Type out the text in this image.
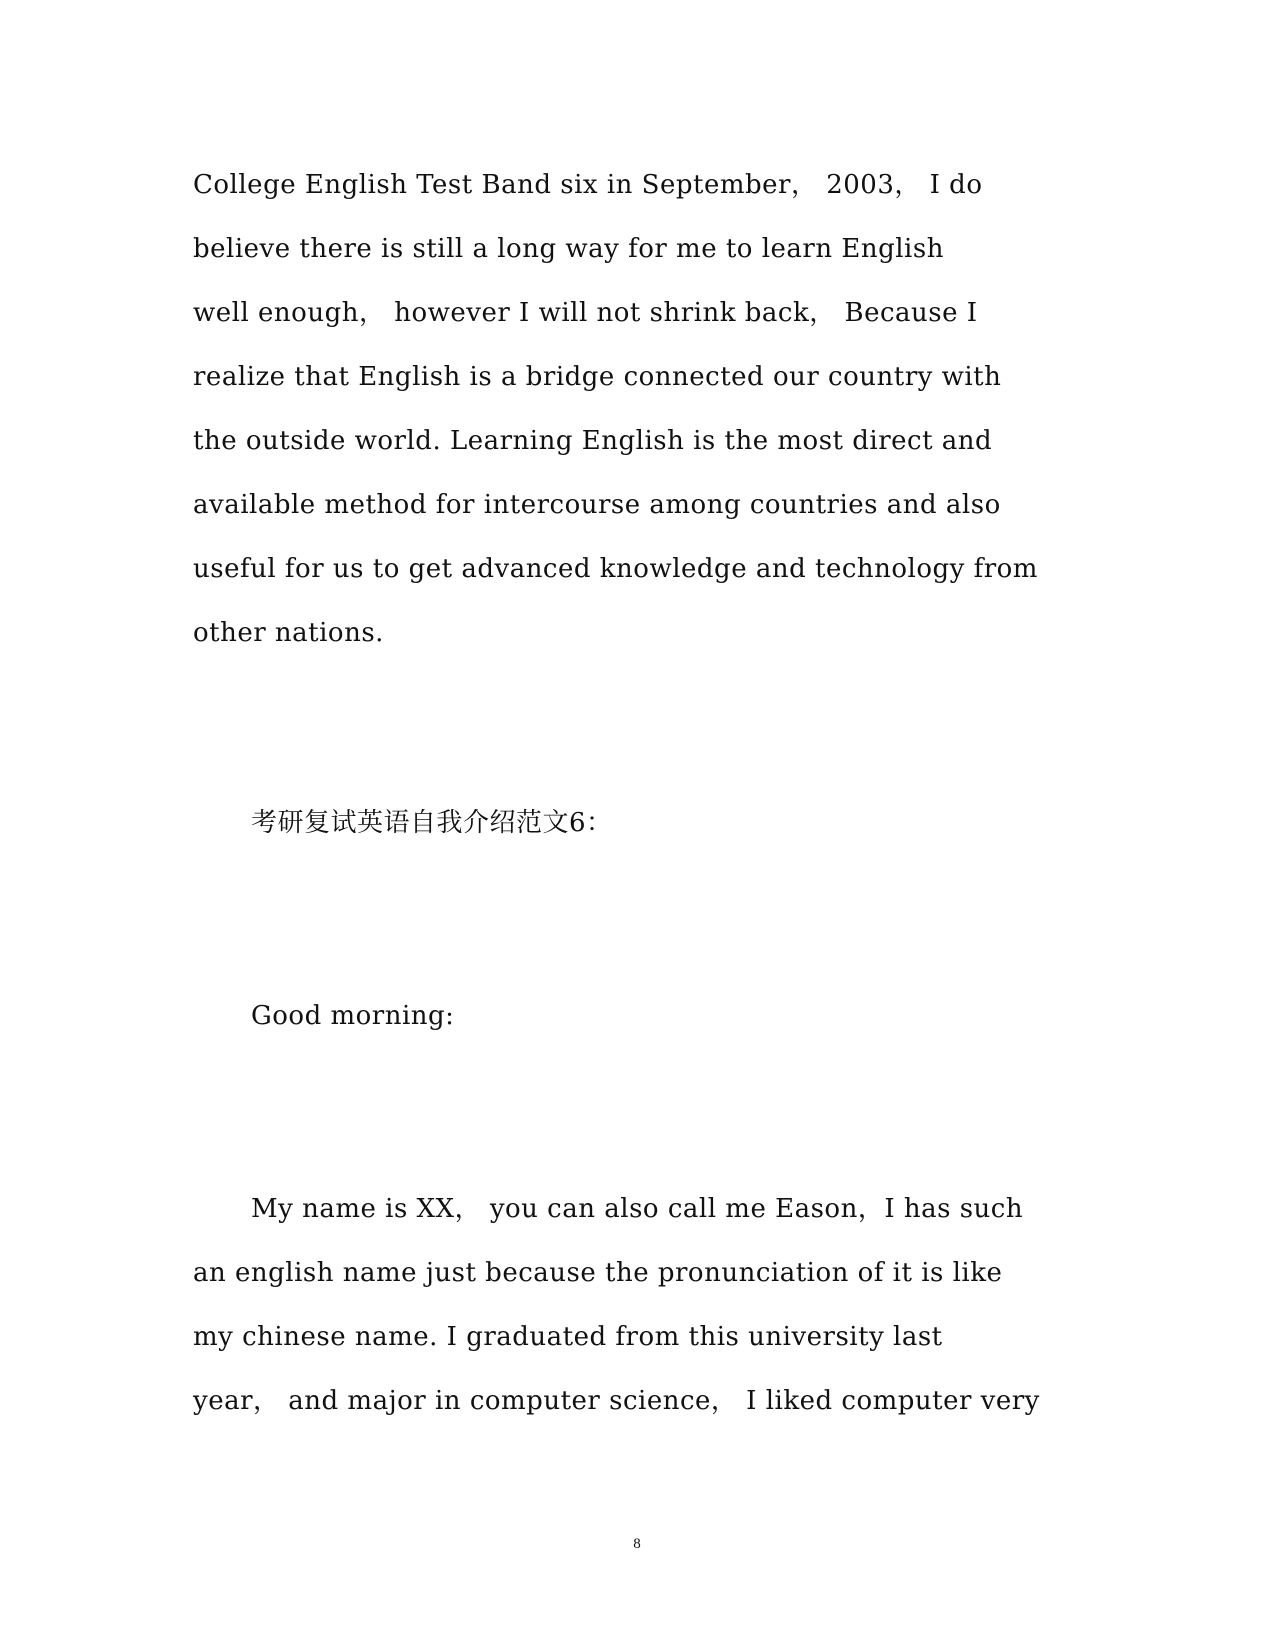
College English Test Band six in September， 2003， I do
believe there is still a long way for me to learn English
well enough， however I will not shrink back， Because I
realize that English is a bridge connected our country with
the outside world. Learning English is the most direct and
available method for intercourse among countries and also
useful for us to get advanced knowledge and technology from
other nations.
考研复试英语自我介绍范文6：
Good morning:
My name is XX， you can also call me Eason，I has such
an english name just because the pronunciation of it is like
my chinese name. I graduated from this university last
year， and major in computer science， I liked computer very
8
